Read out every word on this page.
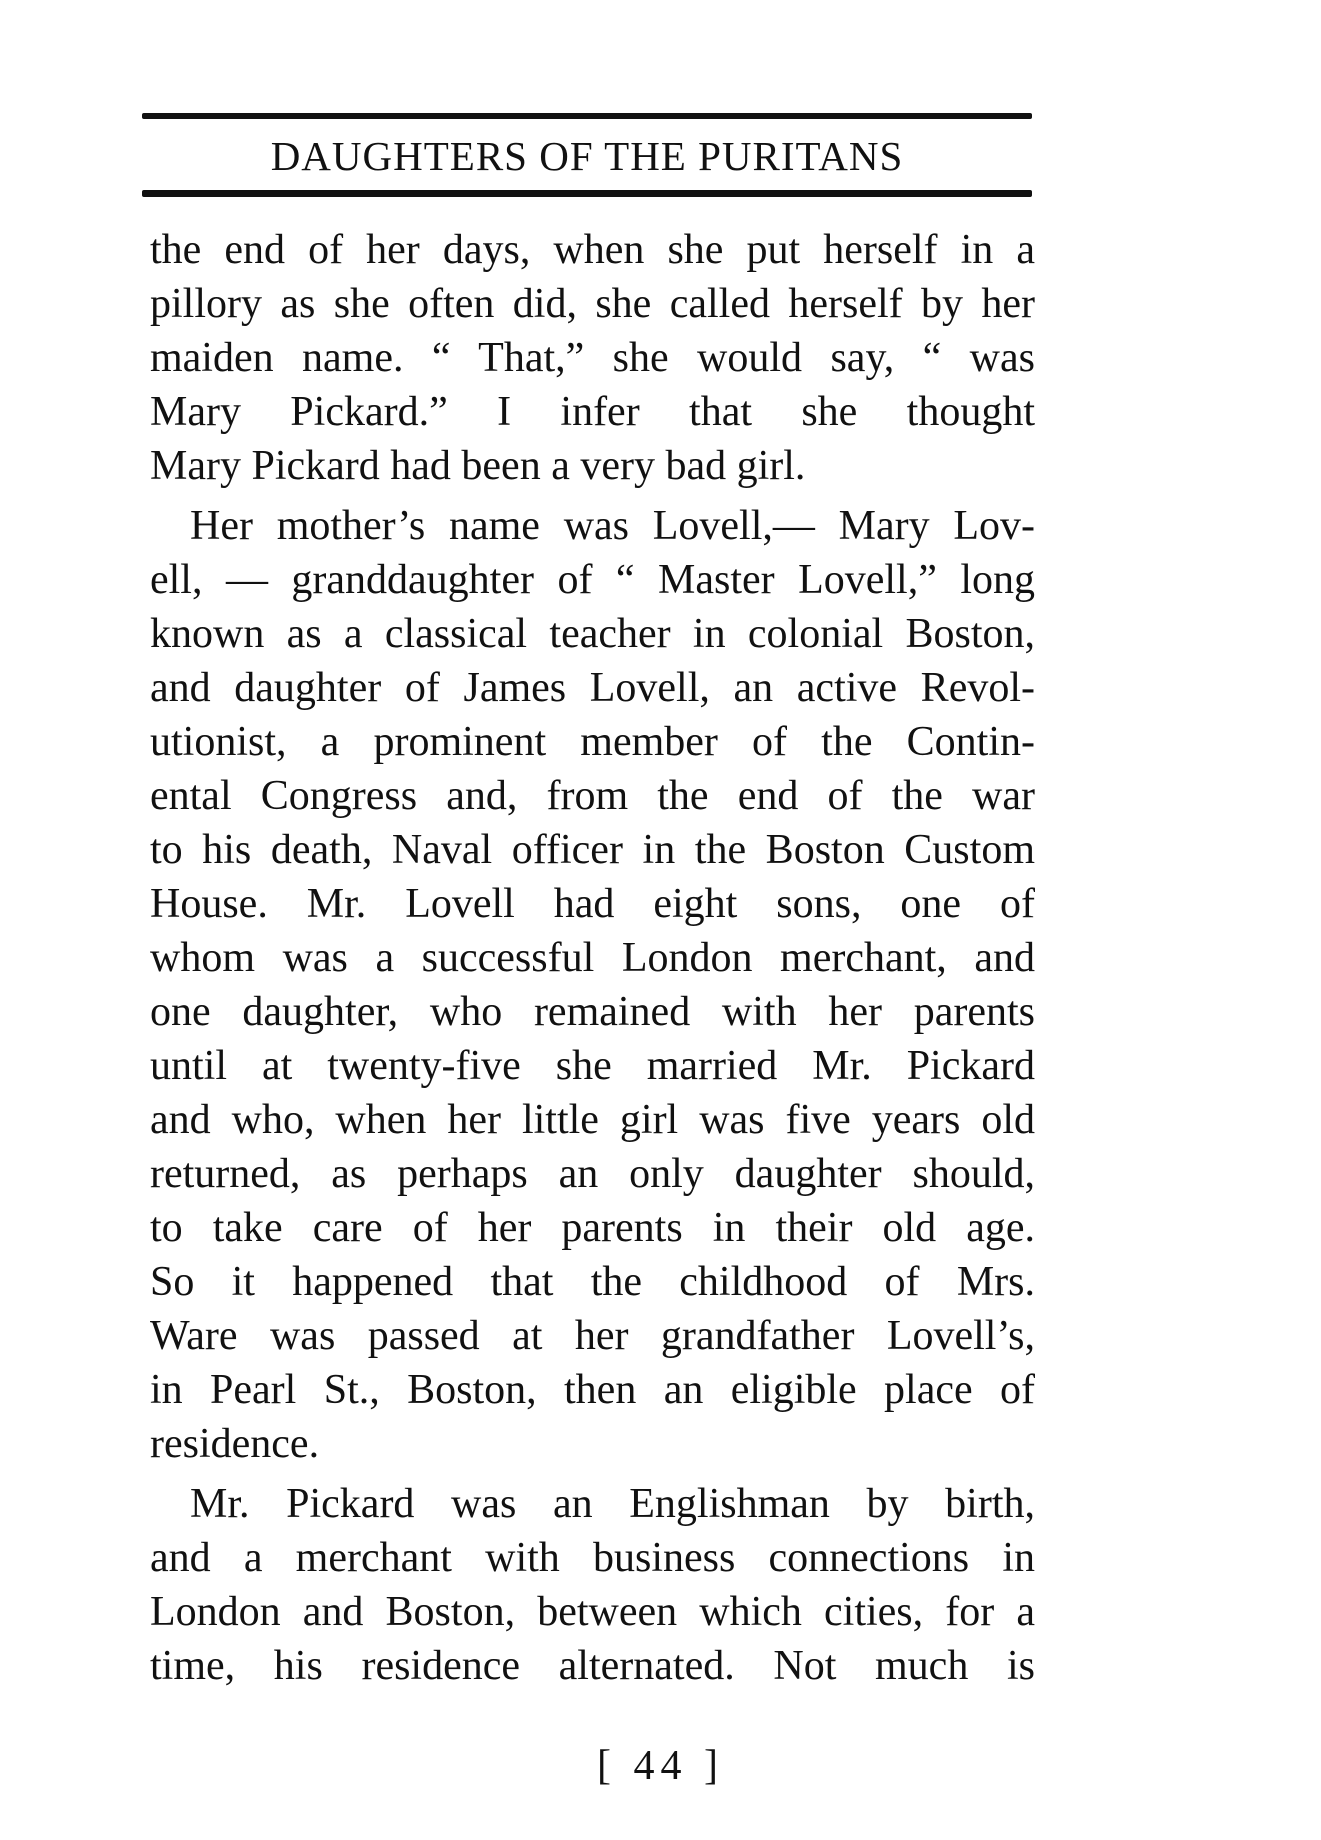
DAUGHTERS OF THE PURITANS
the end of her days, when she put herself in a
pillory as she often did, she called herself by her
maiden name. “ That,” she would say, “ was
Mary Pickard.” I infer that she thought
Mary Pickard had been a very bad girl.
Her mother’s name was Lovell,— Mary Lov-
ell, — granddaughter of “ Master Lovell,” long
known as a classical teacher in colonial Boston,
and daughter of James Lovell, an active Revol-
utionist, a prominent member of the Contin-
ental Congress and, from the end of the war
to his death, Naval officer in the Boston Custom
House. Mr. Lovell had eight sons, one of
whom was a successful London merchant, and
one daughter, who remained with her parents
until at twenty-five she married Mr. Pickard
and who, when her little girl was five years old
returned, as perhaps an only daughter should,
to take care of her parents in their old age.
So it happened that the childhood of Mrs.
Ware was passed at her grandfather Lovell’s,
in Pearl St., Boston, then an eligible place of
residence.
Mr. Pickard was an Englishman by birth,
and a merchant with business connections in
London and Boston, between which cities, for a
time, his residence alternated. Not much is
[ 44 ]
